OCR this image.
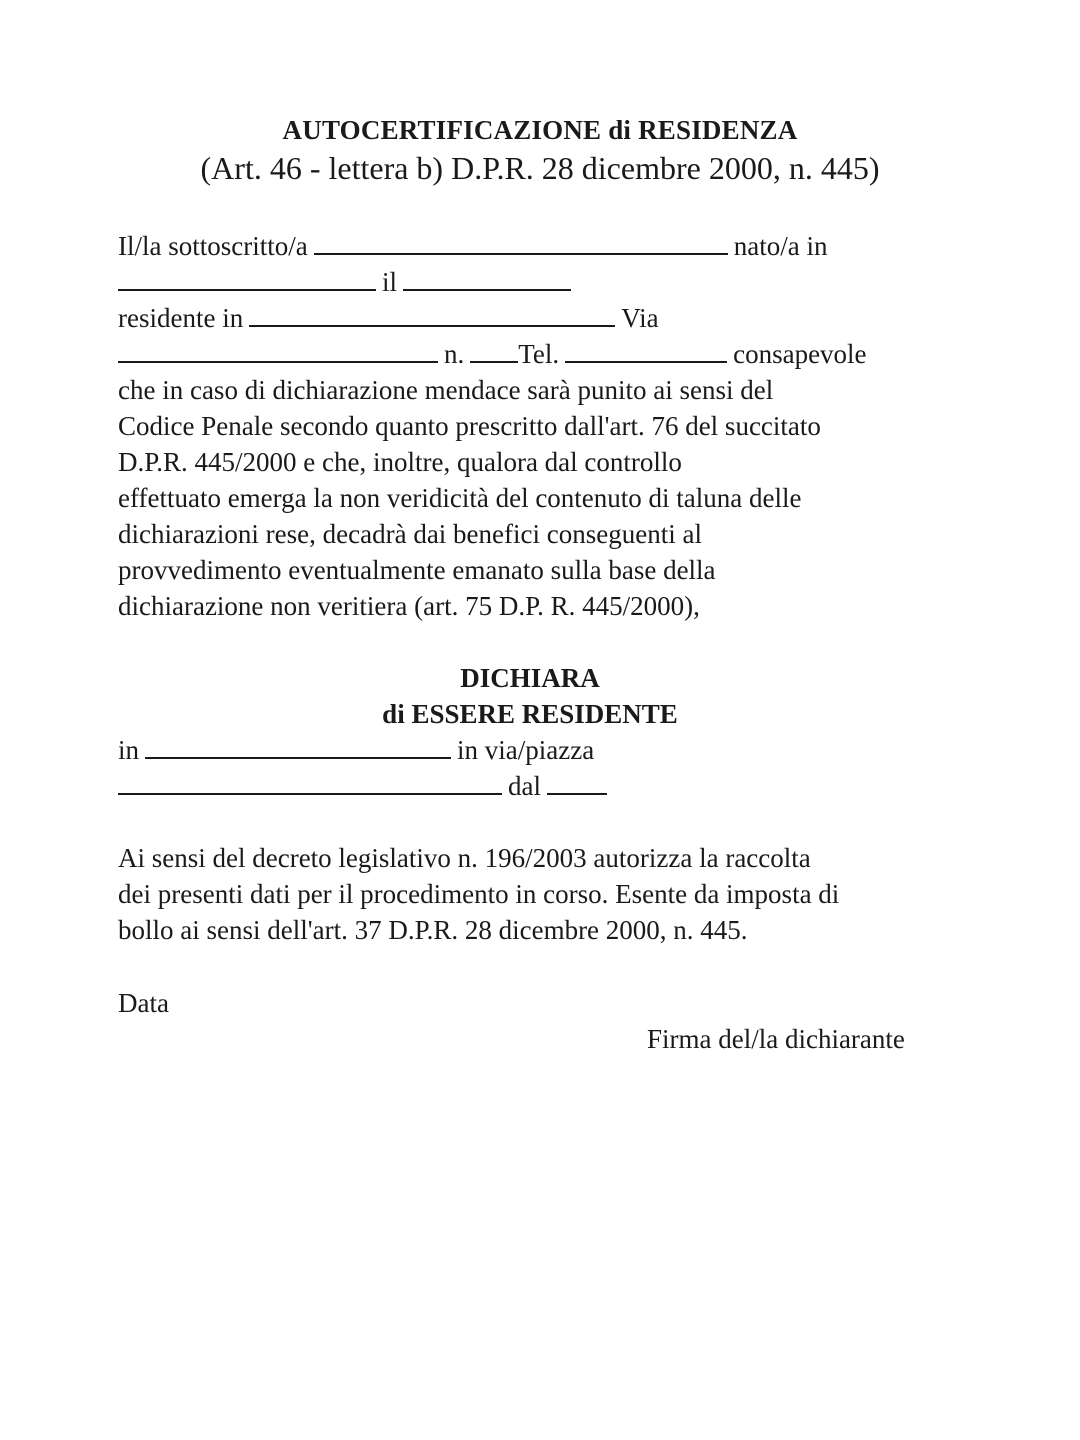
AUTOCERTIFICAZIONE di RESIDENZA
(Art. 46 - lettera b) D.P.R. 28 dicembre 2000, n. 445)
Il/la sottoscritto/a	nato/a in
il
residente in	Via
n. Tel.	consapevole
che in caso di dichiarazione mendace sarà punito ai sensi del
Codice Penale secondo quanto prescritto dall'art. 76 del succitato
D.P.R. 445/2000 e che, inoltre, qualora dal controllo
effettuato emerga la non veridicità del contenuto di taluna delle
dichiarazioni rese, decadrà dai benefici conseguenti al
provvedimento eventualmente emanato sulla base della
dichiarazione non veritiera (art. 75 D.P. R. 445/2000),
DICHIARA
di ESSERE RESIDENTE
in	in via/piazza
dal
Ai sensi del decreto legislativo n. 196/2003 autorizza la raccolta
dei presenti dati per il procedimento in corso. Esente da imposta di
bollo ai sensi dell'art. 37 D.P.R. 28 dicembre 2000, n. 445.
Data
Firma del/la dichiarante
